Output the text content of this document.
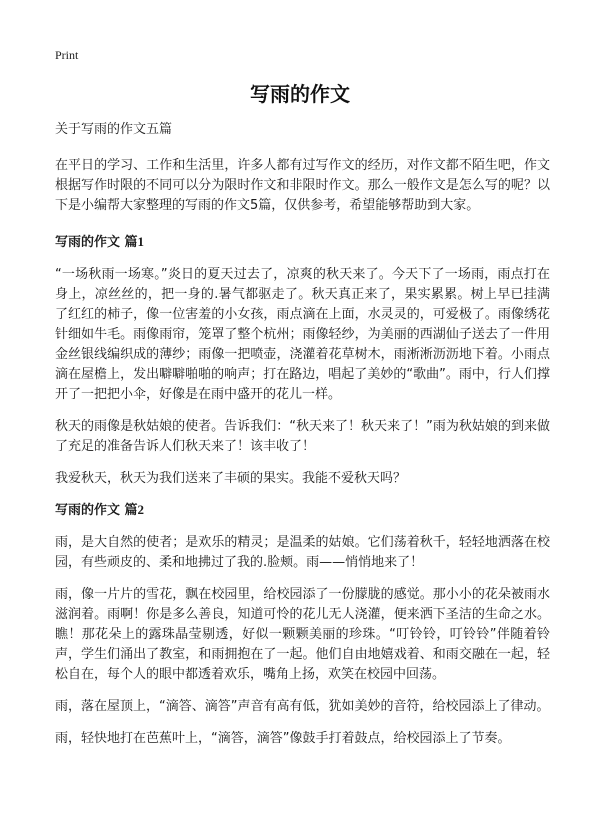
Print
写雨的作文

关于写雨的作文五篇

在平日的学习、工作和生活里，许多人都有过写作文的经历，对作文都不陌生吧，作文根据写作时限的不同可以分为限时作文和非限时作文。那么一般作文是怎么写的呢？以下是小编帮大家整理的写雨的作文5篇，仅供参考，希望能够帮助到大家。

写雨的作文 篇1

“一场秋雨一场寒。”炎日的夏天过去了，凉爽的秋天来了。今天下了一场雨，雨点打在身上，凉丝丝的，把一身的.暑气都驱走了。秋天真正来了，果实累累。树上早已挂满了红红的柿子，像一位害羞的小女孩，雨点滴在上面，水灵灵的，可爱极了。雨像绣花针细如牛毛。雨像雨帘，笼罩了整个杭州；雨像轻纱，为美丽的西湖仙子送去了一件用金丝银线编织成的薄纱；雨像一把喷壶，浇灌着花草树木，雨淅淅沥沥地下着。小雨点滴在屋檐上，发出噼噼啪啪的响声；打在路边，唱起了美妙的“歌曲”。雨中，行人们撑开了一把把小伞，好像是在雨中盛开的花儿一样。

秋天的雨像是秋姑娘的使者。告诉我们：“秋天来了！秋天来了！”雨为秋姑娘的到来做了充足的准备告诉人们秋天来了！该丰收了！

我爱秋天，秋天为我们送来了丰硕的果实。我能不爱秋天吗？

写雨的作文 篇2

雨，是大自然的使者；是欢乐的精灵；是温柔的姑娘。它们荡着秋千，轻轻地洒落在校园，有些顽皮的、柔和地拂过了我的.脸颊。雨——悄悄地来了！

雨，像一片片的雪花，飘在校园里，给校园添了一份朦胧的感觉。那小小的花朵被雨水滋润着。雨啊！你是多么善良，知道可怜的花儿无人浇灌，便来洒下圣洁的生命之水。瞧！那花朵上的露珠晶莹剔透，好似一颗颗美丽的珍珠。“叮铃铃，叮铃铃”伴随着铃声，学生们涌出了教室，和雨拥抱在了一起。他们自由地嬉戏着、和雨交融在一起，轻松自在，每个人的眼中都透着欢乐，嘴角上扬，欢笑在校园中回荡。

雨，落在屋顶上，“滴答、滴答”声音有高有低，犹如美妙的音符，给校园添上了律动。

雨，轻快地打在芭蕉叶上，“滴答，滴答”像鼓手打着鼓点，给校园添上了节奏。
